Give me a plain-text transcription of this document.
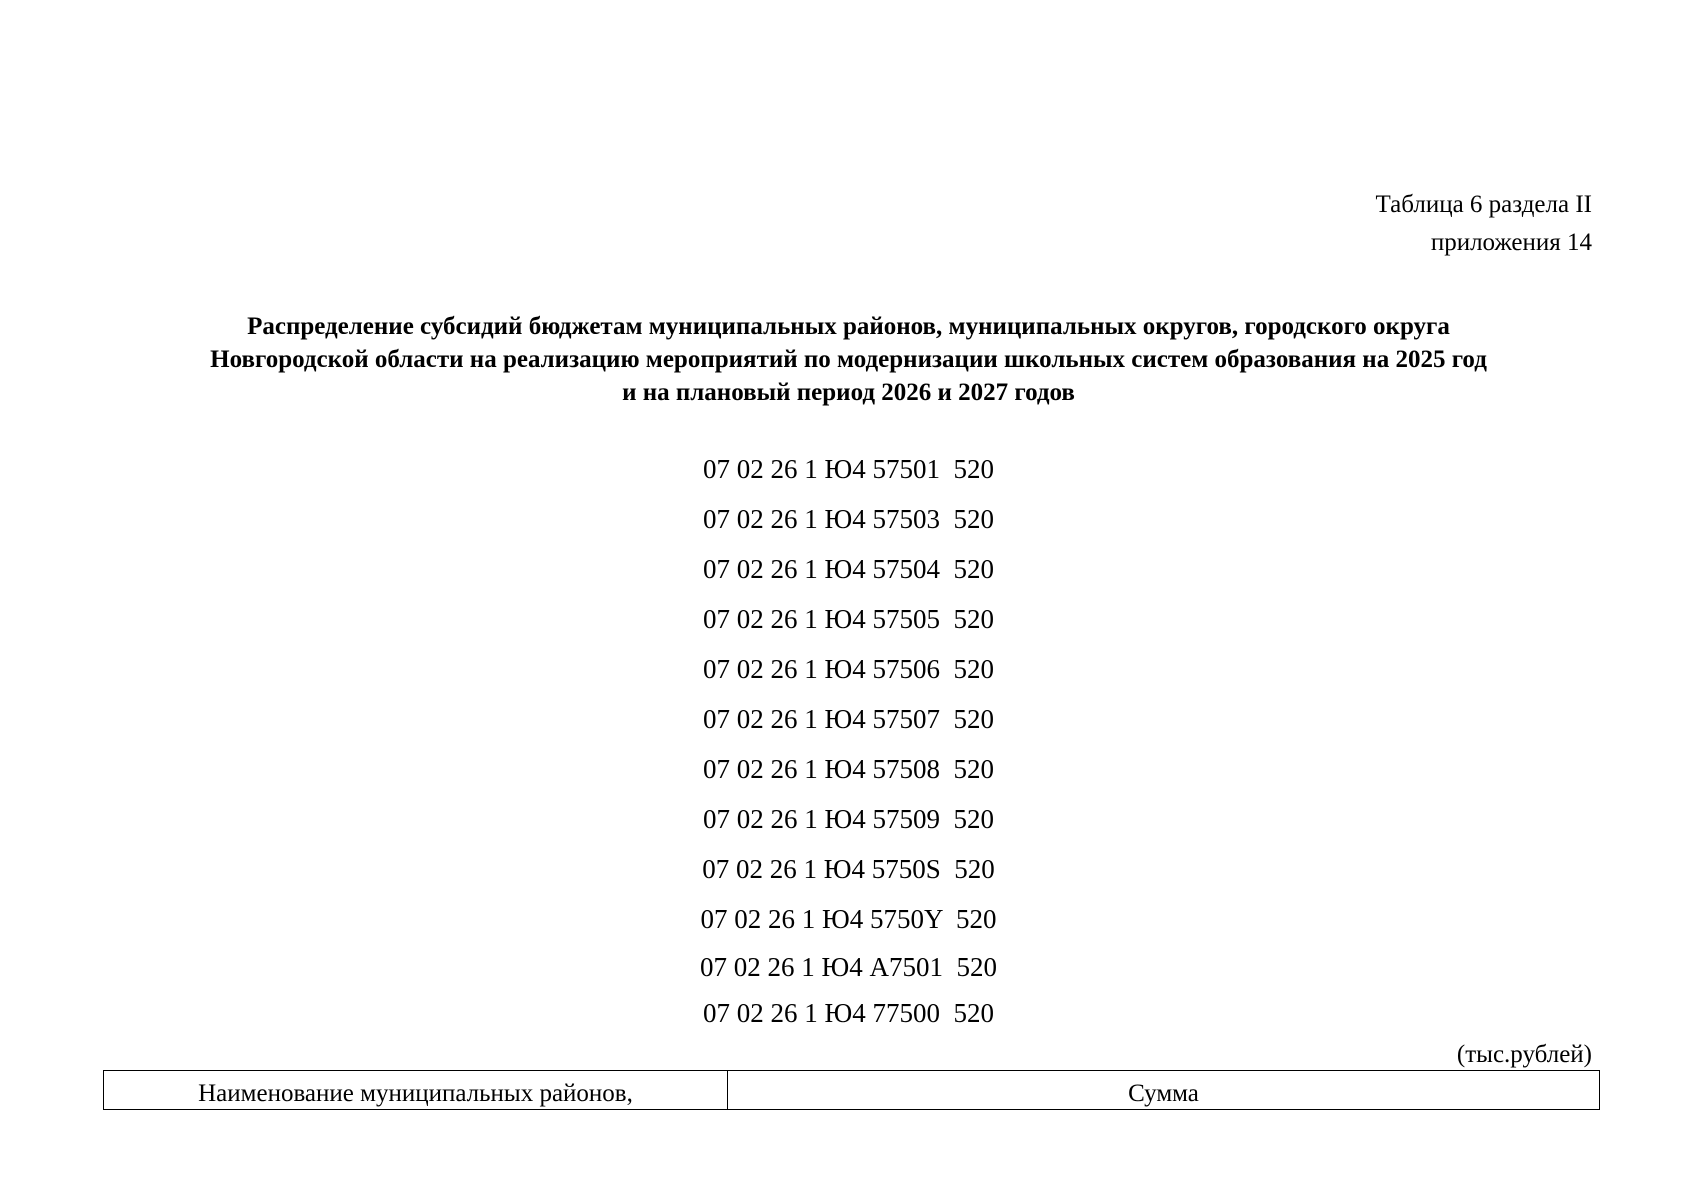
Таблица 6 раздела II
приложения 14
Распределение субсидий бюджетам муниципальных районов, муниципальных округов, городского округа
Новгородской области на реализацию мероприятий по модернизации школьных систем образования на 2025 год
и на плановый период 2026 и 2027 годов
07 02 26 1 Ю4 57501  520
07 02 26 1 Ю4 57503  520
07 02 26 1 Ю4 57504  520
07 02 26 1 Ю4 57505  520
07 02 26 1 Ю4 57506  520
07 02 26 1 Ю4 57507  520
07 02 26 1 Ю4 57508  520
07 02 26 1 Ю4 57509  520
07 02 26 1 Ю4 5750S  520
07 02 26 1 Ю4 5750Y  520
07 02 26 1 Ю4 А7501  520
07 02 26 1 Ю4 77500  520
(тыс.рублей)
Наименование муниципальных районов,	Сумма
